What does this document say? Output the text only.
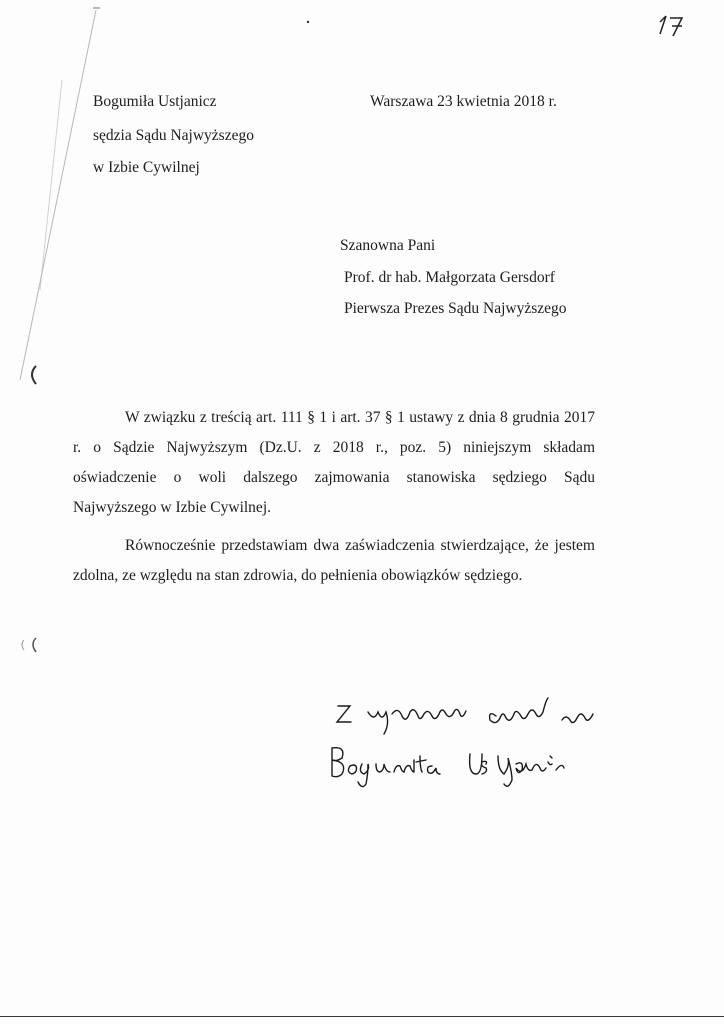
Bogumiła Ustjanicz
sędzia Sądu Najwyższego
w Izbie Cywilnej
Warszawa 23 kwietnia 2018 r.
Szanowna Pani
Prof. dr hab. Małgorzata Gersdorf
Pierwsza Prezes Sądu Najwyższego
W związku z treścią art. 111 § 1 i art. 37 § 1 ustawy z dnia 8 grudnia 2017
r. o Sądzie Najwyższym (Dz.U. z 2018 r., poz. 5) niniejszym składam
oświadczenie o woli dalszego zajmowania stanowiska sędziego Sądu
Najwyższego w Izbie Cywilnej.
Równocześnie przedstawiam dwa zaświadczenia stwierdzające, że jestem
zdolna, ze względu na stan zdrowia, do pełnienia obowiązków sędziego.
